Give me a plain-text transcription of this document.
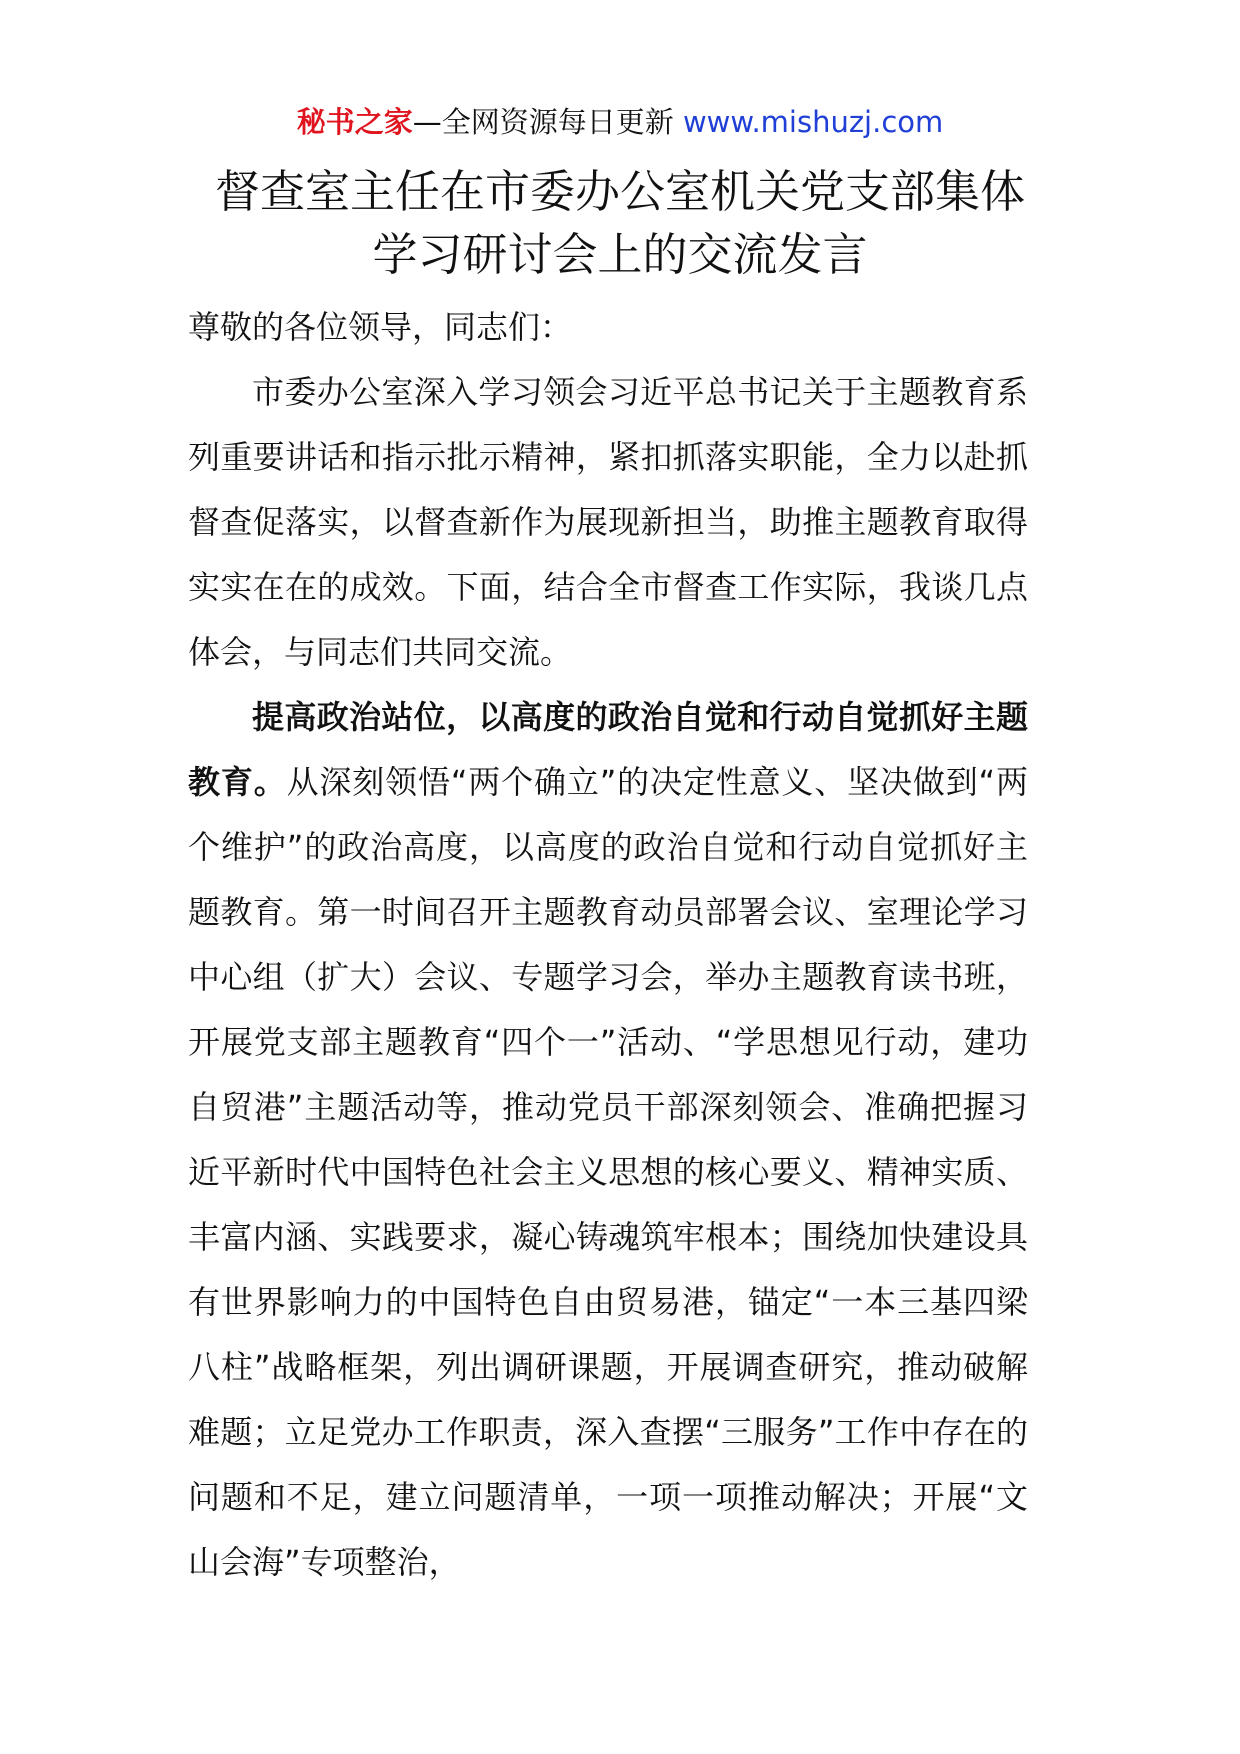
秘书之家—全网资源每日更新 www.mishuzj.com
督查室主任在市委办公室机关党支部集体
学习研讨会上的交流发言

尊敬的各位领导，同志们：

市委办公室深入学习领会习近平总书记关于主题教育系列重要讲话和指示批示精神，紧扣抓落实职能，全力以赴抓督查促落实，以督查新作为展现新担当，助推主题教育取得实实在在的成效。下面，结合全市督查工作实际，我谈几点体会，与同志们共同交流。

提高政治站位，以高度的政治自觉和行动自觉抓好主题教育。从深刻领悟“两个确立”的决定性意义、坚决做到“两个维护”的政治高度，以高度的政治自觉和行动自觉抓好主题教育。第一时间召开主题教育动员部署会议、室理论学习中心组（扩大）会议、专题学习会，举办主题教育读书班，开展党支部主题教育“四个一”活动、“学思想见行动，建功自贸港”主题活动等，推动党员干部深刻领会、准确把握习近平新时代中国特色社会主义思想的核心要义、精神实质、丰富内涵、实践要求，凝心铸魂筑牢根本；围绕加快建设具有世界影响力的中国特色自由贸易港，锚定“一本三基四梁八柱”战略框架，列出调研课题，开展调查研究，推动破解难题；立足党办工作职责，深入查摆“三服务”工作中存在的问题和不足，建立问题清单，一项一项推动解决；开展“文山会海”专项整治，
